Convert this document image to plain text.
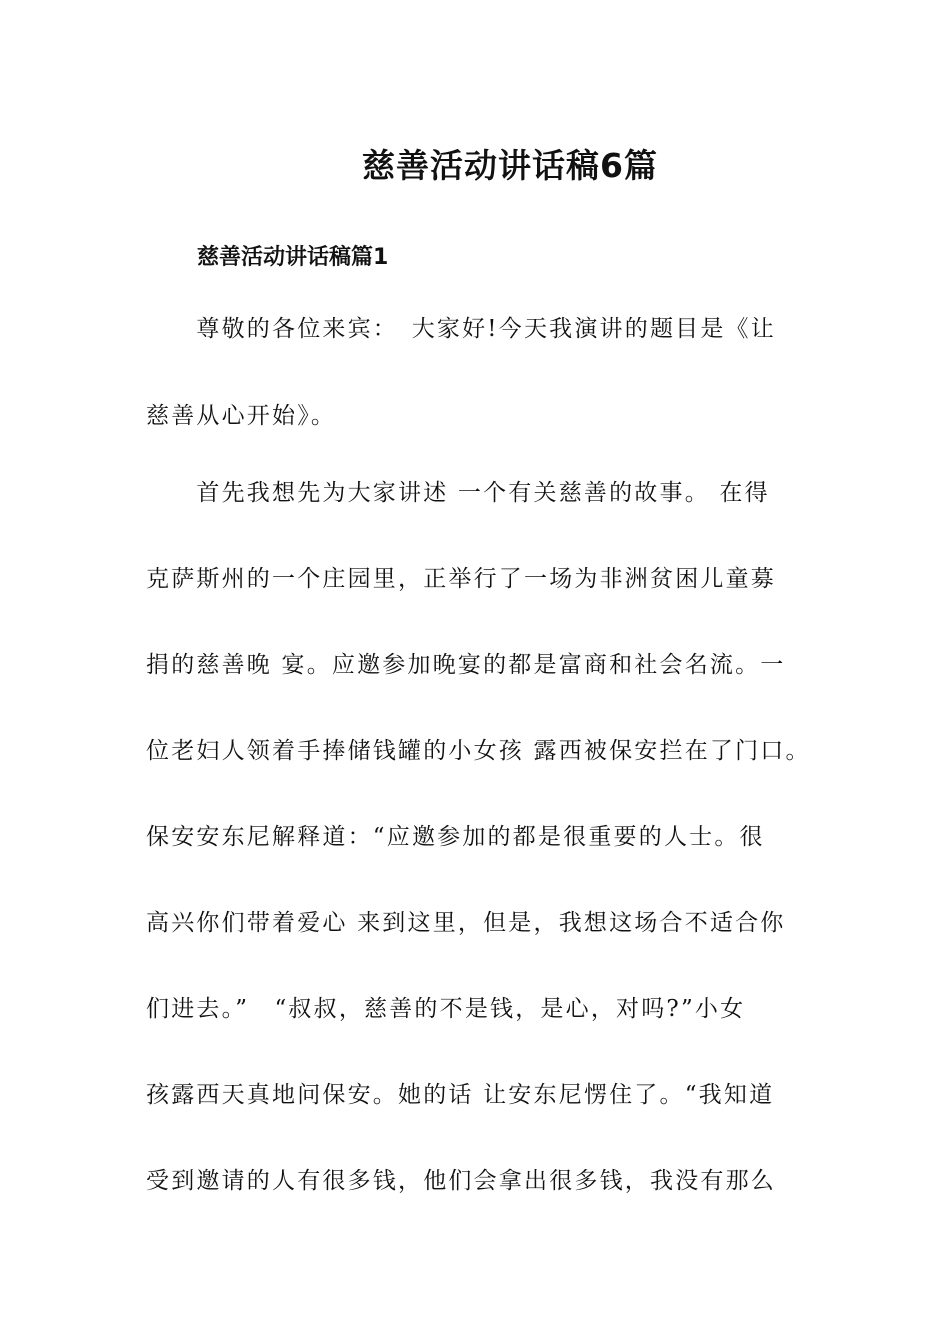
慈善活动讲话稿6篇
慈善活动讲话稿篇1
　　尊敬的各位来宾：　大家好!今天我演讲的题目是《让
慈善从心开始》。
　　首先我想先为大家讲述 一个有关慈善的故事。 在得
克萨斯州的一个庄园里，正举行了一场为非洲贫困儿童募
捐的慈善晚 宴。应邀参加晚宴的都是富商和社会名流。一
位老妇人领着手捧储钱罐的小女孩 露西被保安拦在了门口。
保安安东尼解释道：“应邀参加的都是很重要的人士。很
高兴你们带着爱心 来到这里，但是，我想这场合不适合你
们进去。”　“叔叔，慈善的不是钱，是心，对吗?”小女
孩露西天真地问保安。她的话 让安东尼愣住了。“我知道
受到邀请的人有很多钱，他们会拿出很多钱，我没有那么
